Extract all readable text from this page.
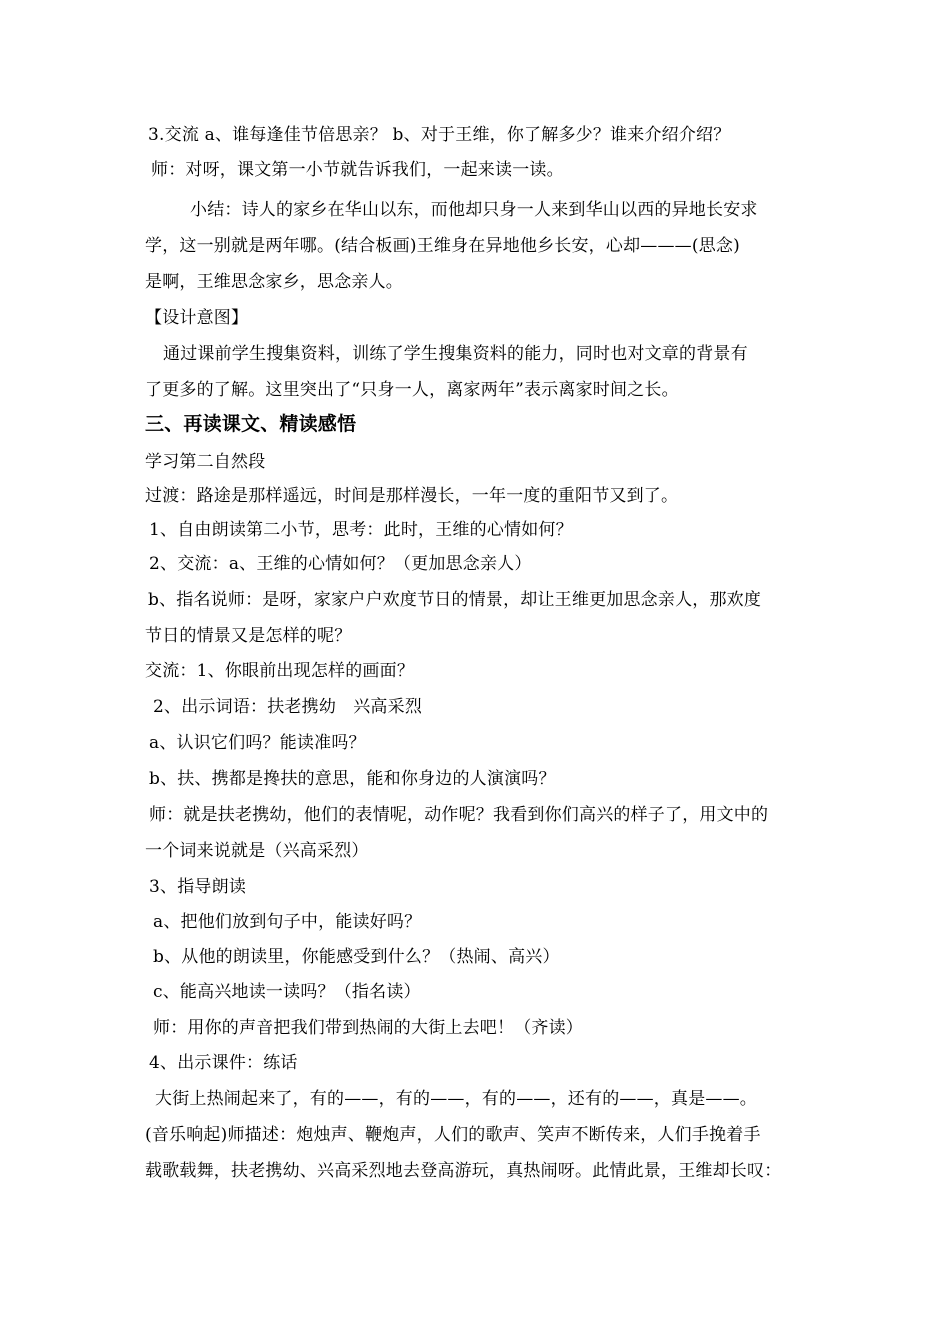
3.交流 a、谁每逢佳节倍思亲？ b、对于王维，你了解多少？谁来介绍介绍？
师：对呀，课文第一小节就告诉我们，一起来读一读。
小结：诗人的家乡在华山以东，而他却只身一人来到华山以西的异地长安求
学，这一别就是两年哪。(结合板画)王维身在异地他乡长安，心却———(思念)
是啊，王维思念家乡，思念亲人。
【设计意图】
通过课前学生搜集资料，训练了学生搜集资料的能力，同时也对文章的背景有
了更多的了解。这里突出了“只身一人，离家两年”表示离家时间之长。
三、再读课文、精读感悟
学习第二自然段
过渡：路途是那样遥远，时间是那样漫长，一年一度的重阳节又到了。
1、自由朗读第二小节，思考：此时，王维的心情如何？
2、交流：a、王维的心情如何？（更加思念亲人）
b、指名说师：是呀，家家户户欢度节日的情景，却让王维更加思念亲人，那欢度
节日的情景又是怎样的呢？
交流：1、你眼前出现怎样的画面？
2、出示词语：扶老携幼　兴高采烈
a、认识它们吗？能读准吗？
b、扶、携都是搀扶的意思，能和你身边的人演演吗？
师：就是扶老携幼，他们的表情呢，动作呢？我看到你们高兴的样子了，用文中的
一个词来说就是（兴高采烈）
3、指导朗读
a、把他们放到句子中，能读好吗？
b、从他的朗读里，你能感受到什么？（热闹、高兴）
c、能高兴地读一读吗？（指名读）
师：用你的声音把我们带到热闹的大街上去吧！（齐读）
4、出示课件：练话
大街上热闹起来了，有的——，有的——，有的——，还有的——，真是——。
(音乐响起)师描述：炮烛声、鞭炮声，人们的歌声、笑声不断传来，人们手挽着手
载歌载舞，扶老携幼、兴高采烈地去登高游玩，真热闹呀。此情此景，王维却长叹：
